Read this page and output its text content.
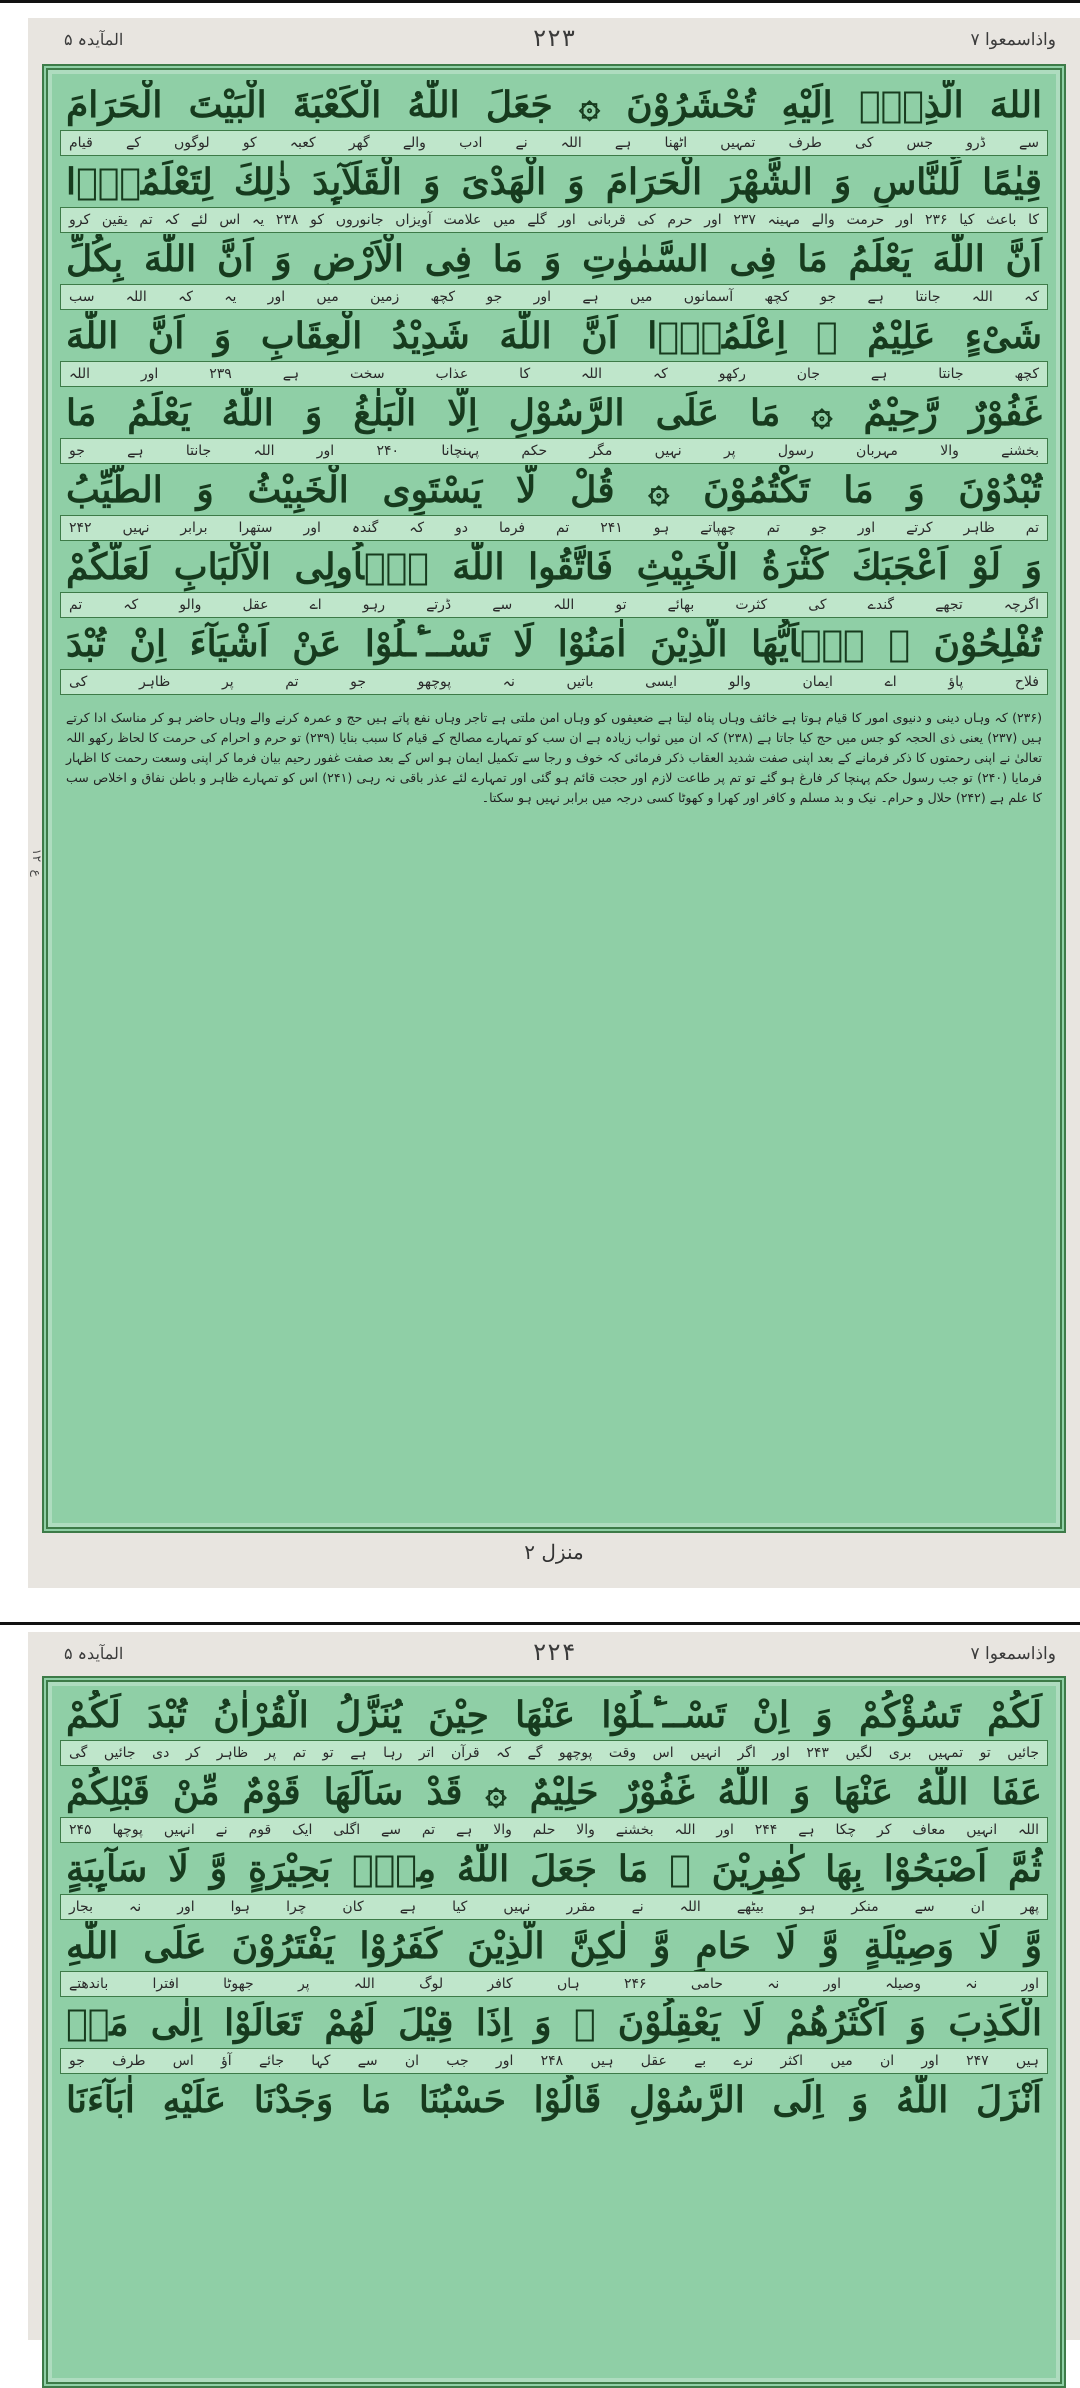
واذاسمعوا ۷
۲۲۳
المآیدہ ۵
اللهَ الَّذِیْۤ اِلَیْهِ تُحْشَرُوْنَ ۞ جَعَلَ اللّٰهُ الْكَعْبَةَ الْبَیْتَ الْحَرَامَ
سے ڈرو جس کی طرف تمہیں اٹھنا ہے اللہ نے ادب والے گھر کعبہ کو لوگوں کے قیام
قِیٰمًا لِّلنَّاسِ وَ الشَّهْرَ الْحَرَامَ وَ الْهَدْیَ وَ الْقَلَآىِٕدَ ذٰلِكَ لِتَعْلَمُوْۤا
کا باعث کیا ۲۳۶ اور حرمت والے مہینہ ۲۳۷ اور حرم کی قربانی اور گلے میں علامت آویزاں جانوروں کو ۲۳۸ یہ اس لئے کہ تم یقین کرو
اَنَّ اللّٰهَ یَعْلَمُ مَا فِی السَّمٰوٰتِ وَ مَا فِی الْاَرْضِ وَ اَنَّ اللّٰهَ بِكُلِّ
کہ اللہ جانتا ہے جو کچھ آسمانوں میں ہے اور جو کچھ زمین میں اور یہ کہ اللہ سب
شَیْءٍ عَلِیْمٌ ۞ اِعْلَمُوْۤا اَنَّ اللّٰهَ شَدِیْدُ الْعِقَابِ وَ اَنَّ اللّٰهَ
کچھ جانتا ہے جان رکھو کہ اللہ کا عذاب سخت ہے ۲۳۹ اور اللہ
غَفُوْرٌ رَّحِیْمٌ ۞ مَا عَلَى الرَّسُوْلِ اِلَّا الْبَلٰغُ وَ اللّٰهُ یَعْلَمُ مَا
بخشنے والا مہربان رسول پر نہیں مگر حکم پہنچانا ۲۴۰ اور اللہ جانتا ہے جو
تُبْدُوْنَ وَ مَا تَكْتُمُوْنَ ۞ قُلْ لَّا یَسْتَوِی الْخَبِیْثُ وَ الطَّیِّبُ
تم ظاہر کرتے اور جو تم چھپاتے ہو ۲۴۱ تم فرما دو کہ گندہ اور ستھرا برابر نہیں ۲۴۲
وَ لَوْ اَعْجَبَكَ كَثْرَةُ الْخَبِیْثِ فَاتَّقُوا اللّٰهَ یٰۤاُولِی الْاَلْبَابِ لَعَلَّكُمْ
اگرچہ تجھے گندے کی کثرت بھائے تو اللہ سے ڈرتے رہو اے عقل والو کہ تم
تُفْلِحُوْنَ ۞ یٰۤاَیُّهَا الَّذِیْنَ اٰمَنُوْا لَا تَسْــٴَـلُوْا عَنْ اَشْیَآءَ اِنْ تُبْدَ
فلاح پاؤ اے ایمان والو ایسی باتیں نہ پوچھو جو تم پر ظاہر کی
(۲۳۶) کہ وہاں دینی و دنیوی امور کا قیام ہوتا ہے خائف وہاں پناہ لیتا ہے ضعیفوں کو وہاں امن ملتی ہے تاجر وہاں نفع پاتے ہیں حج و عمرہ کرنے والے وہاں حاضر ہو کر مناسک ادا کرتے ہیں (۲۳۷) یعنی ذی الحجہ کو جس میں حج کیا جاتا ہے (۲۳۸) کہ ان میں ثواب زیادہ ہے ان سب کو تمہارے مصالح کے قیام کا سبب بنایا (۲۳۹) تو حرم و احرام کی حرمت کا لحاظ رکھو اللہ تعالیٰ نے اپنی رحمتوں کا ذکر فرمانے کے بعد اپنی صفت شدید العقاب ذکر فرمائی کہ خوف و رجا سے تکمیل ایمان ہو اس کے بعد صفت غفور رحیم بیان فرما کر اپنی وسعت رحمت کا اظہار فرمایا (۲۴۰) تو جب رسول حکم پہنچا کر فارغ ہو گئے تو تم پر طاعت لازم اور حجت قائم ہو گئی اور تمہارے لئے عذر باقی نہ رہی (۲۴۱) اس کو تمہارے ظاہر و باطن نفاق و اخلاص سب کا علم ہے (۲۴۲) حلال و حرام۔ نیک و بد مسلم و کافر اور کھرا و کھوٹا کسی درجہ میں برابر نہیں ہو سکتا۔
ع ۱۲
منزل ۲
واذاسمعوا ۷
۲۲۴
المآیدہ ۵
لَكُمْ تَسُؤْكُمْ وَ اِنْ تَسْــٴَـلُوْا عَنْهَا حِیْنَ یُنَزَّلُ الْقُرْاٰنُ تُبْدَ لَكُمْ
جائیں تو تمہیں بری لگیں ۲۴۳ اور اگر انہیں اس وقت پوچھو گے کہ قرآن اتر رہا ہے تو تم پر ظاہر کر دی جائیں گی
عَفَا اللّٰهُ عَنْهَا وَ اللّٰهُ غَفُوْرٌ حَلِیْمٌ ۞ قَدْ سَاَلَهَا قَوْمٌ مِّنْ قَبْلِكُمْ
اللہ انہیں معاف کر چکا ہے ۲۴۴ اور اللہ بخشنے والا حلم والا ہے تم سے اگلی ایک قوم نے انہیں پوچھا ۲۴۵
ثُمَّ اَصْبَحُوْا بِهَا كٰفِرِیْنَ ۞ مَا جَعَلَ اللّٰهُ مِنْۢ بَحِیْرَةٍ وَّ لَا سَآىِٕبَةٍ
پھر ان سے منکر ہو بیٹھے اللہ نے مقرر نہیں کیا ہے کان چرا ہوا اور نہ بجار
وَّ لَا وَصِیْلَةٍ وَّ لَا حَامٍ وَّ لٰكِنَّ الَّذِیْنَ كَفَرُوْا یَفْتَرُوْنَ عَلَى اللّٰهِ
اور نہ وصیلہ اور نہ حامی ۲۴۶ ہاں کافر لوگ اللہ پر جھوٹا افترا باندھتے
الْكَذِبَ وَ اَكْثَرُهُمْ لَا یَعْقِلُوْنَ ۞ وَ اِذَا قِیْلَ لَهُمْ تَعَالَوْا اِلٰى مَاۤ
ہیں ۲۴۷ اور ان میں اکثر نرے بے عقل ہیں ۲۴۸ اور جب ان سے کہا جائے آؤ اس طرف جو
اَنْزَلَ اللّٰهُ وَ اِلَى الرَّسُوْلِ قَالُوْا حَسْبُنَا مَا وَجَدْنَا عَلَیْهِ اٰبَآءَنَا
